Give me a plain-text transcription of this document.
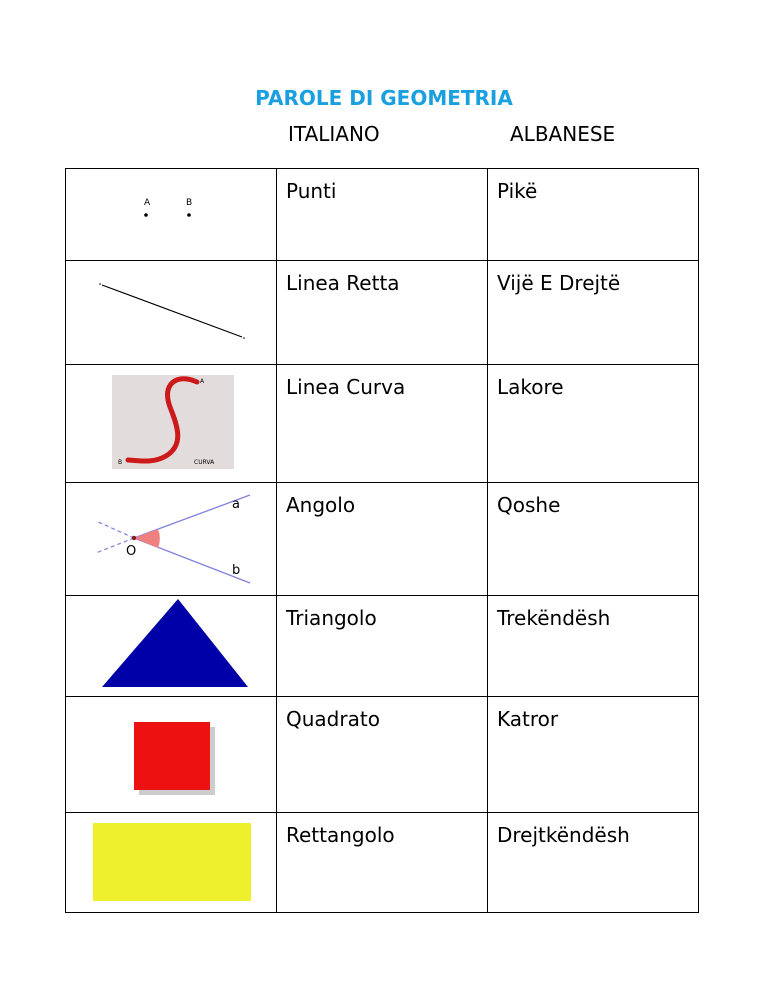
PAROLE DI GEOMETRIA
ITALIANO	ALBANESE
A B	Punti	Pikë

Linea Retta	Vijë E Drejtë

A
B CURVA	Linea Curva	Lakore

a
b
O	Angolo	Qoshe

Triangolo	Trekëndësh

Quadrato	Katror

Rettangolo	Drejtkëndësh
